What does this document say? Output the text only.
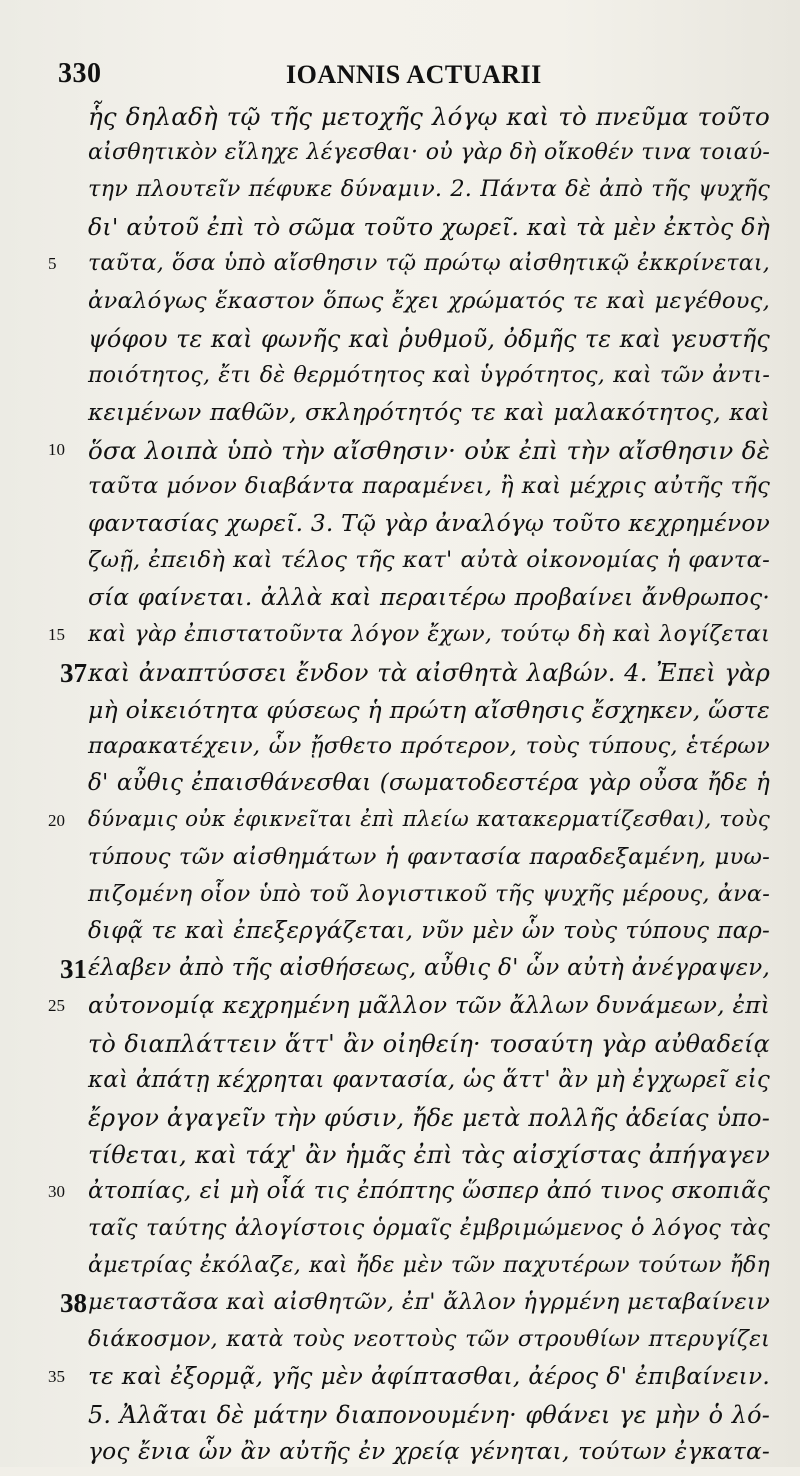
330	IOANNIS ACTUARII
ἧς δηλαδὴ τῷ τῆς μετοχῆς λόγῳ καὶ τὸ πνεῦμα τοῦτο
αἰσθητικὸν εἴληχε λέγεσθαι· οὐ γὰρ δὴ οἴκοθέν τινα τοιαύ-
την πλουτεῖν πέφυκε δύναμιν. 2. Πάντα δὲ ἀπὸ τῆς ψυχῆς
δι' αὐτοῦ ἐπὶ τὸ σῶμα τοῦτο χωρεῖ. καὶ τὰ μὲν ἐκτὸς δὴ
5 ταῦτα, ὅσα ὑπὸ αἴσθησιν τῷ πρώτῳ αἰσθητικῷ ἐκκρίνεται,
ἀναλόγως ἕκαστον ὅπως ἔχει χρώματός τε καὶ μεγέθους,
ψόφου τε καὶ φωνῆς καὶ ῥυθμοῦ, ὀδμῆς τε καὶ γευστῆς
ποιότητος, ἔτι δὲ θερμότητος καὶ ὑγρότητος, καὶ τῶν ἀντι-
κειμένων παθῶν, σκληρότητός τε καὶ μαλακότητος, καὶ
10 ὅσα λοιπὰ ὑπὸ τὴν αἴσθησιν· οὐκ ἐπὶ τὴν αἴσθησιν δὲ
ταῦτα μόνον διαβάντα παραμένει, ἢ καὶ μέχρις αὐτῆς τῆς
φαντασίας χωρεῖ. 3. Τῷ γὰρ ἀναλόγῳ τοῦτο κεχρημένον
ζωῇ, ἐπειδὴ καὶ τέλος τῆς κατ' αὐτὰ οἰκονομίας ἡ φαντα-
σία φαίνεται. ἀλλὰ καὶ περαιτέρω προβαίνει ἄνθρωπος·
15 καὶ γὰρ ἐπιστατοῦντα λόγον ἔχων, τούτῳ δὴ καὶ λογίζεται
37 καὶ ἀναπτύσσει ἔνδον τὰ αἰσθητὰ λαβών. 4. Ἐπεὶ γὰρ
μὴ οἰκειότητα φύσεως ἡ πρώτη αἴσθησις ἔσχηκεν, ὥστε
παρακατέχειν, ὧν ᾔσθετο πρότερον, τοὺς τύπους, ἑτέρων
δ' αὖθις ἐπαισθάνεσθαι (σωματοδεστέρα γὰρ οὖσα ἤδε ἡ
20 δύναμις οὐκ ἐφικνεῖται ἐπὶ πλείω κατακερματίζεσθαι), τοὺς
τύπους τῶν αἰσθημάτων ἡ φαντασία παραδεξαμένη, μυω-
πιζομένη οἷον ὑπὸ τοῦ λογιστικοῦ τῆς ψυχῆς μέρους, ἀνα-
διφᾷ τε καὶ ἐπεξεργάζεται, νῦν μὲν ὧν τοὺς τύπους παρ-
31 έλαβεν ἀπὸ τῆς αἰσθήσεως, αὖθις δ' ὧν αὐτὴ ἀνέγραψεν,
25 αὐτονομίᾳ κεχρημένη μᾶλλον τῶν ἄλλων δυνάμεων, ἐπὶ
τὸ διαπλάττειν ἅττ' ἂν οἰηθείη· τοσαύτη γὰρ αὐθαδείᾳ
καὶ ἀπάτῃ κέχρηται φαντασία, ὡς ἅττ' ἂν μὴ ἐγχωρεῖ εἰς
ἔργον ἀγαγεῖν τὴν φύσιν, ἤδε μετὰ πολλῆς ἀδείας ὑπο-
τίθεται, καὶ τάχ' ἂν ἡμᾶς ἐπὶ τὰς αἰσχίστας ἀπήγαγεν
30 ἀτοπίας, εἰ μὴ οἷά τις ἐπόπτης ὥσπερ ἀπό τινος σκοπιᾶς
ταῖς ταύτης ἀλογίστοις ὁρμαῖς ἐμβριμώμενος ὁ λόγος τὰς
ἀμετρίας ἐκόλαζε, καὶ ἤδε μὲν τῶν παχυτέρων τούτων ἤδη
38 μεταστᾶσα καὶ αἰσθητῶν, ἐπ' ἄλλον ἡγρμένη μεταβαίνειν
διάκοσμον, κατὰ τοὺς νεοττοὺς τῶν στρουθίων πτερυγίζει
35 τε καὶ ἐξορμᾷ, γῆς μὲν ἀφίπτασθαι, ἀέρος δ' ἐπιβαίνειν.
5. Ἀλᾶται δὲ μάτην διαπονουμένη· φθάνει γε μὴν ὁ λό-
γος ἔνια ὧν ἂν αὐτῆς ἐν χρείᾳ γένηται, τούτων ἐγκατα-
